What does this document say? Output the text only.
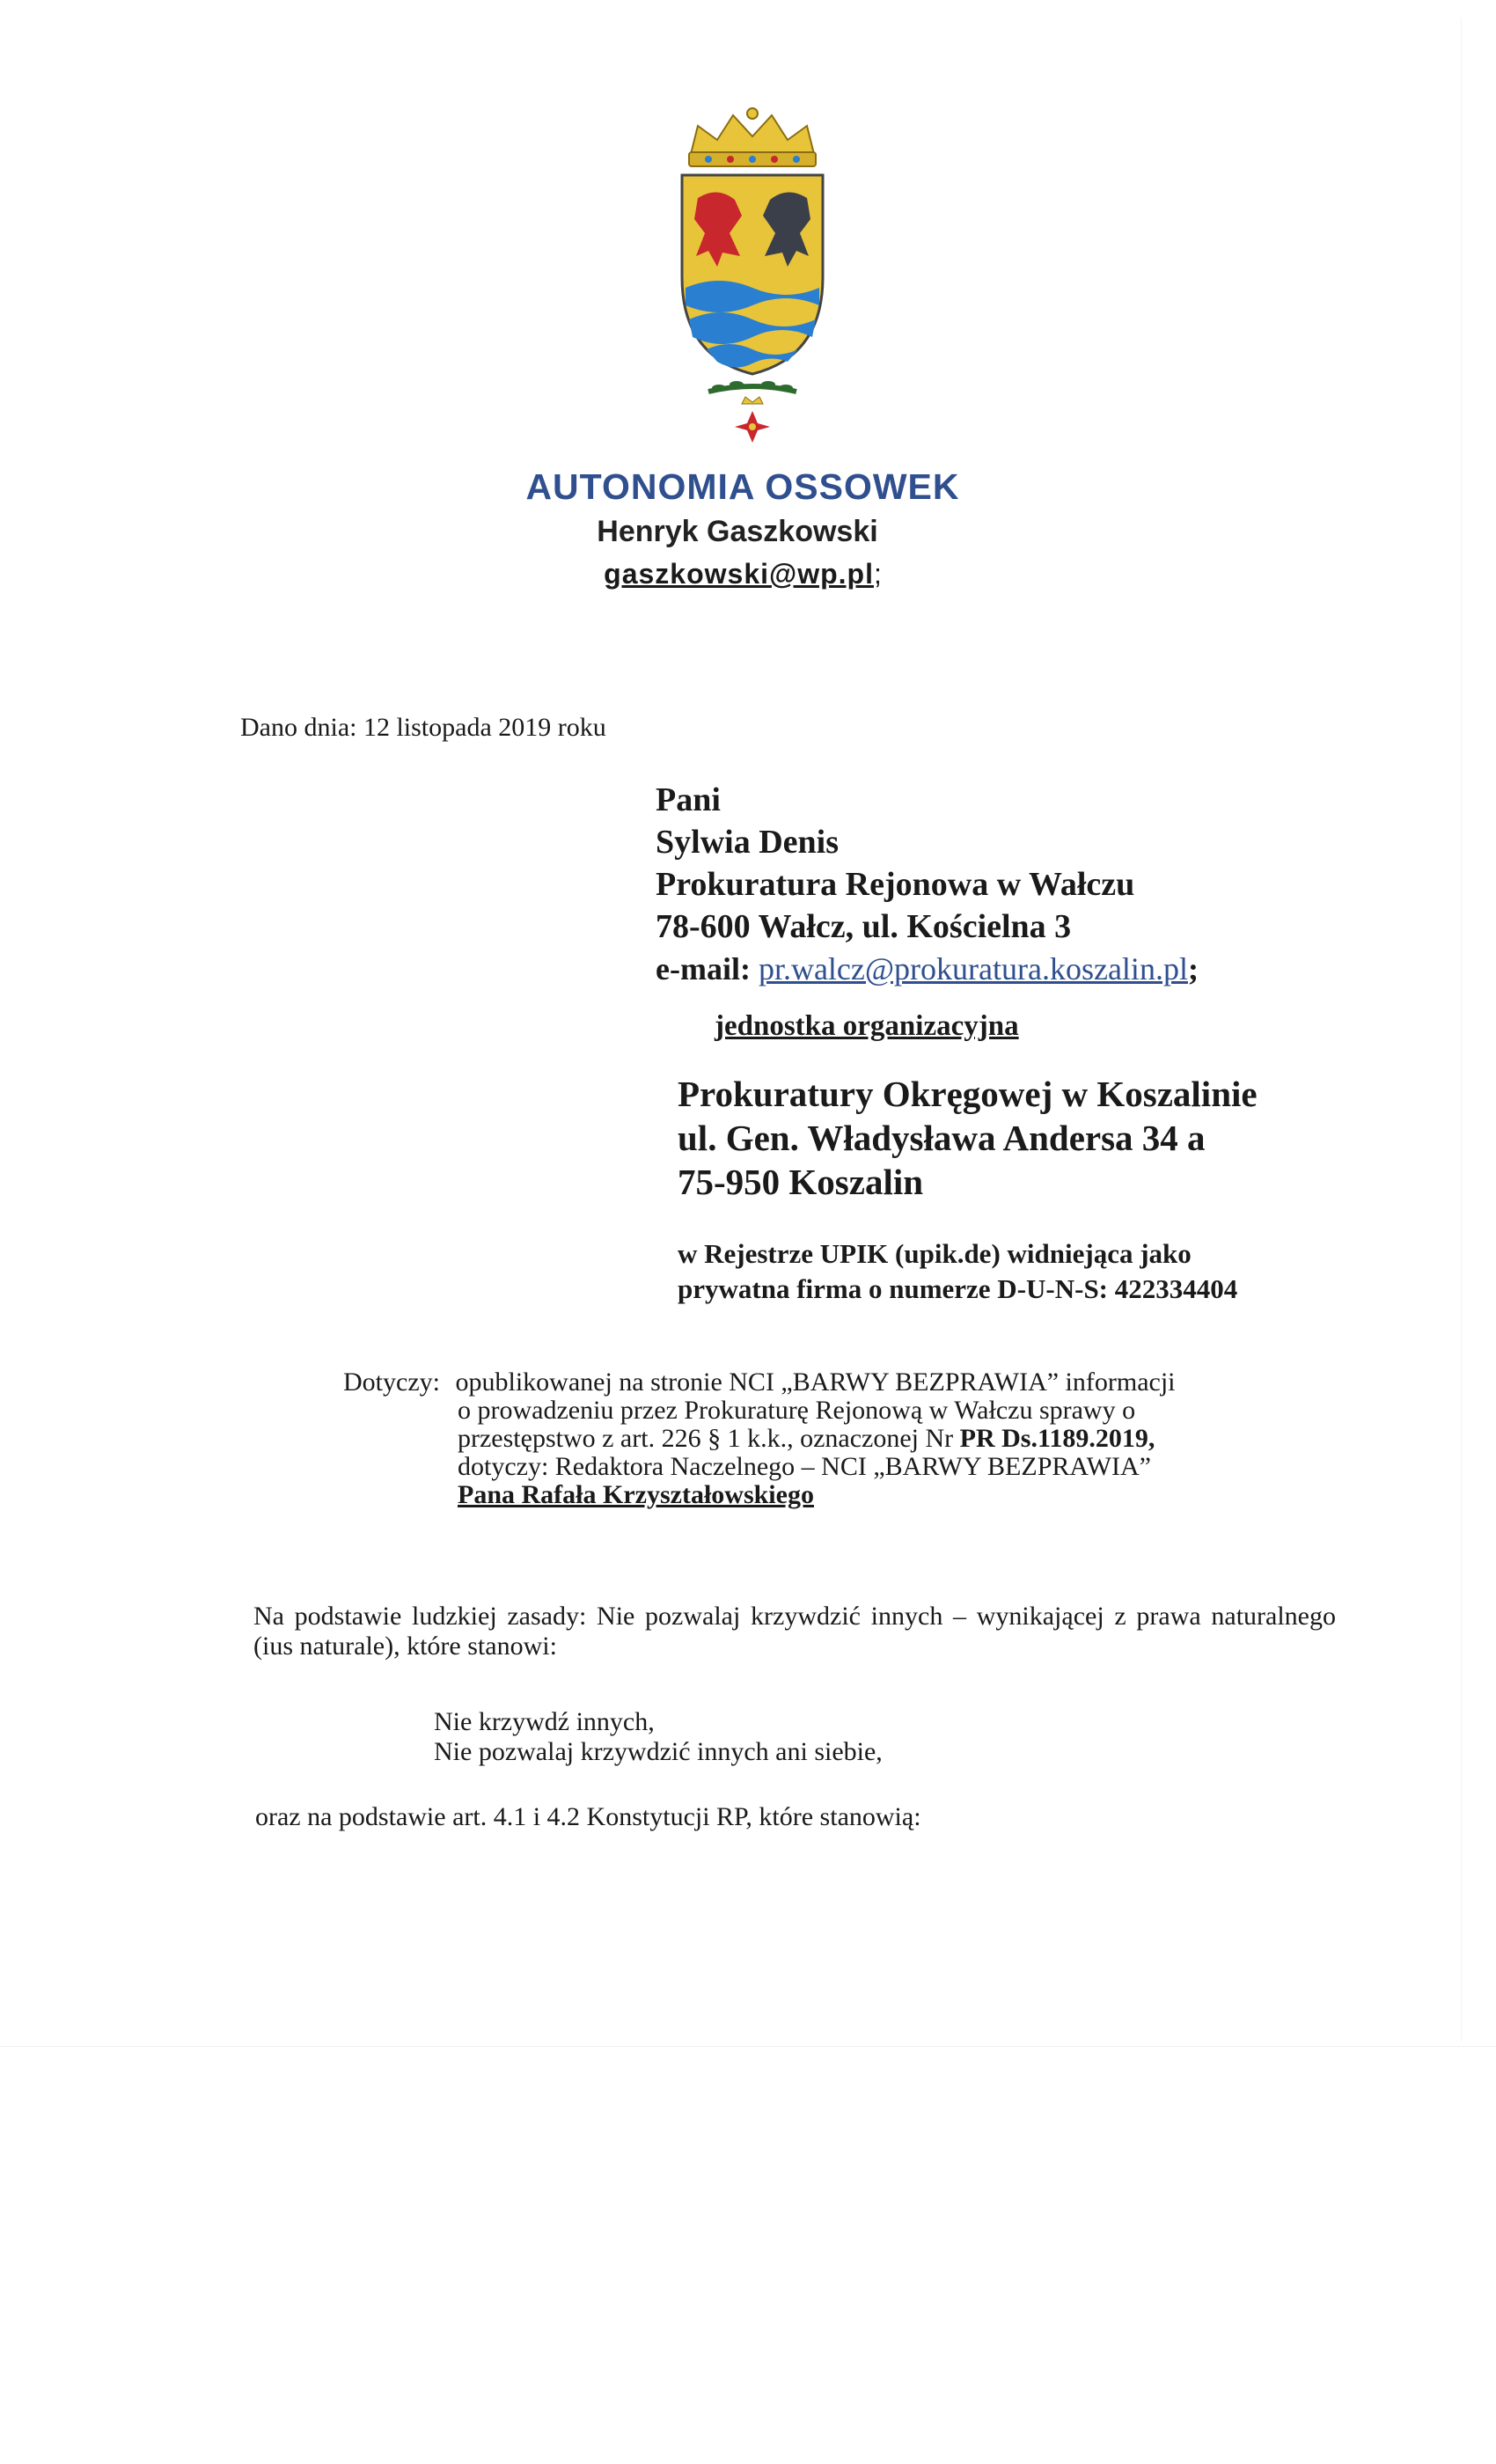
AUTONOMIA OSSOWEK

Henryk Gaszkowski

gaszkowski@wp.pl;

Dano dnia: 12 listopada 2019 roku
Pani
Sylwia Denis
Prokuratura Rejonowa w Wałczu
78-600 Wałcz, ul. Kościelna 3
e-mail: pr.walcz@prokuratura.koszalin.pl;
jednostka organizacyjna
Prokuratury Okręgowej w Koszalinie
ul. Gen. Władysława Andersa 34 a
75-950 Koszalin
w Rejestrze UPIK (upik.de) widniejąca jako
prywatna firma o numerze D-U-N-S: 422334404
Dotyczy: opublikowanej na stronie NCI „BARWY BEZPRAWIA” informacji
o prowadzeniu przez Prokuraturę Rejonową w Wałczu sprawy o
przestępstwo z art. 226 § 1 k.k., oznaczonej Nr PR Ds.1189.2019,
dotyczy: Redaktora Naczelnego – NCI „BARWY BEZPRAWIA”
Pana Rafała Krzyształowskiego
Na podstawie ludzkiej zasady: Nie pozwalaj krzywdzić innych – wynikającej z prawa naturalnego (ius naturale), które stanowi:
Nie krzywdź innych,
Nie pozwalaj krzywdzić innych ani siebie,
oraz na podstawie art. 4.1 i 4.2 Konstytucji RP, które stanowią:
